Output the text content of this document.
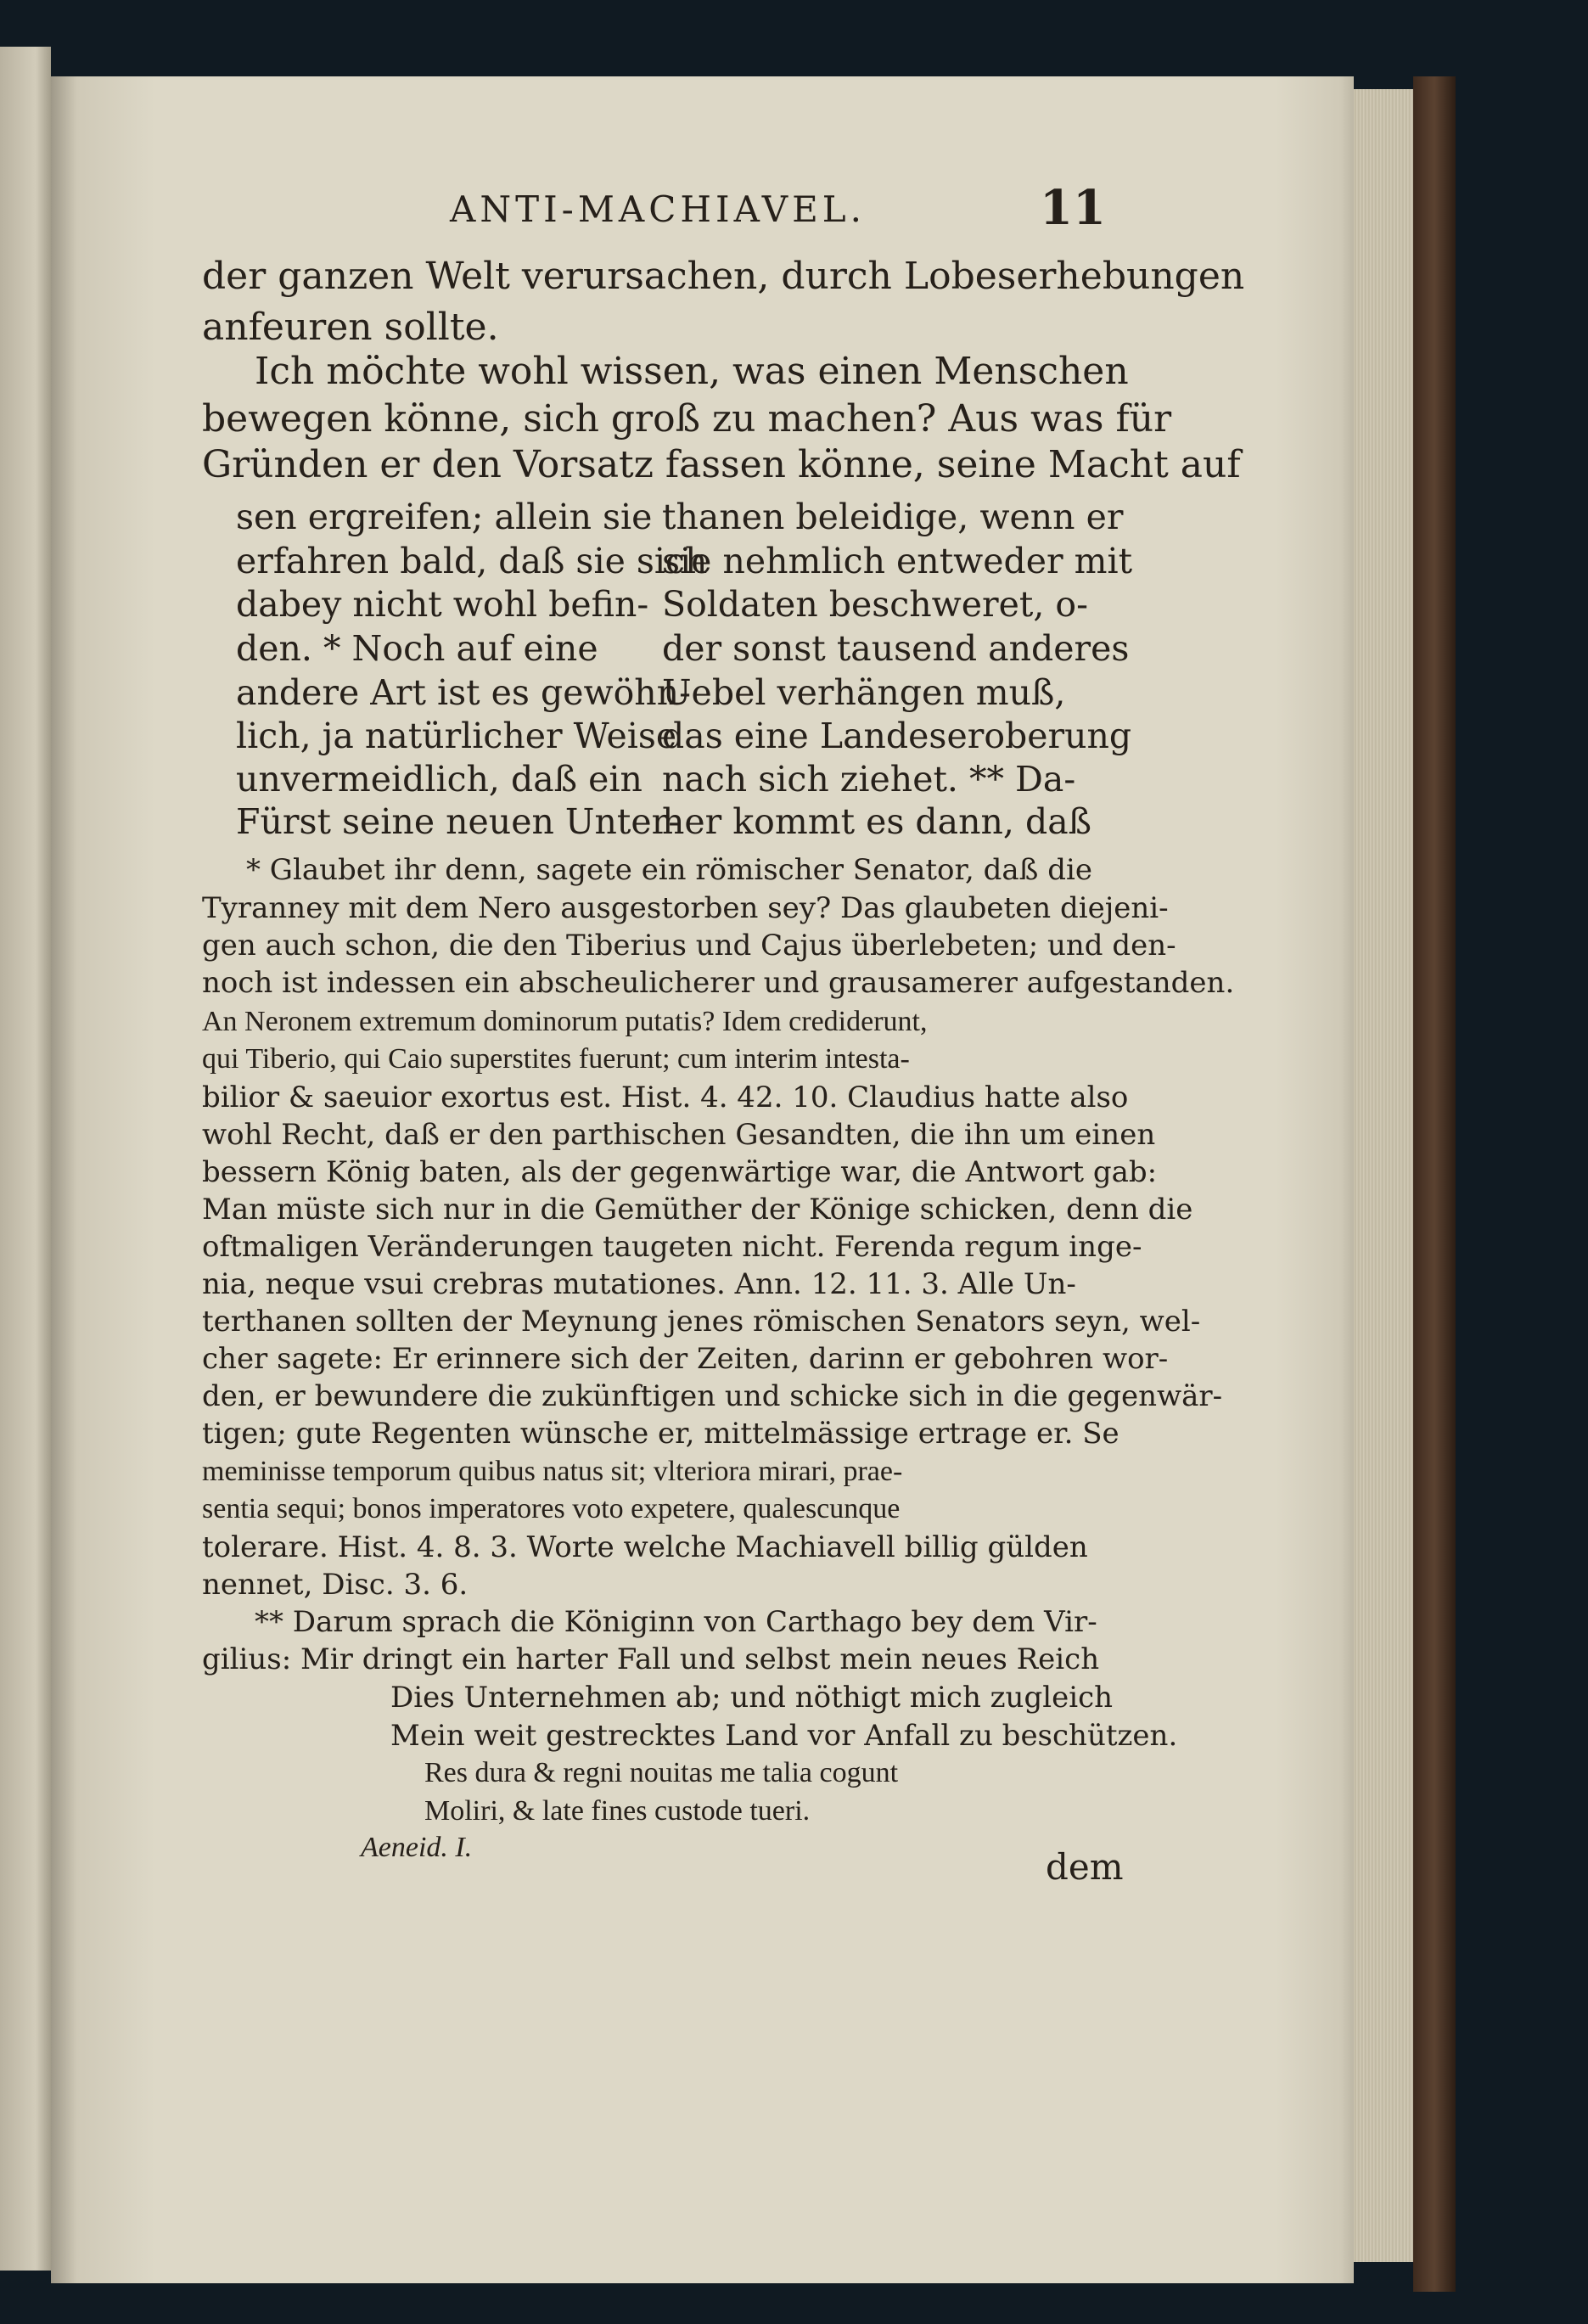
ANTI-MACHIAVEL.	11
der ganzen Welt verursachen, durch Lobeserhebungen
anfeuren sollte.
Ich möchte wohl wissen, was einen Menschen
bewegen könne, sich groß zu machen? Aus was für
Gründen er den Vorsatz fassen könne, seine Macht auf
sen ergreifen; allein sie
erfahren bald, daß sie sich
dabey nicht wohl befin-
den. * Noch auf eine
andere Art ist es gewöhn-
lich, ja natürlicher Weise
unvermeidlich, daß ein
Fürst seine neuen Unter-
thanen beleidige, wenn er
sie nehmlich entweder mit
Soldaten beschweret, o-
der sonst tausend anderes
Uebel verhängen muß,
das eine Landeseroberung
nach sich ziehet. ** Da-
her kommt es dann, daß
* Glaubet ihr denn, sagete ein römischer Senator, daß die
Tyranney mit dem Nero ausgestorben sey? Das glaubeten diejeni-
gen auch schon, die den Tiberius und Cajus überlebeten; und den-
noch ist indessen ein abscheulicherer und grausamerer aufgestanden.
An Neronem extremum dominorum putatis? Idem crediderunt,
qui Tiberio, qui Caio superstites fuerunt; cum interim intesta-
bilior & saeuior exortus est. Hist. 4. 42. 10. Claudius hatte also
wohl Recht, daß er den parthischen Gesandten, die ihn um einen
bessern König baten, als der gegenwärtige war, die Antwort gab:
Man müste sich nur in die Gemüther der Könige schicken, denn die
oftmaligen Veränderungen taugeten nicht. Ferenda regum inge-
nia, neque vsui crebras mutationes. Ann. 12. 11. 3. Alle Un-
terthanen sollten der Meynung jenes römischen Senators seyn, wel-
cher sagete: Er erinnere sich der Zeiten, darinn er gebohren wor-
den, er bewundere die zukünftigen und schicke sich in die gegenwär-
tigen; gute Regenten wünsche er, mittelmässige ertrage er. Se
meminisse temporum quibus natus sit; vlteriora mirari, prae-
sentia sequi; bonos imperatores voto expetere, qualescunque
tolerare. Hist. 4. 8. 3. Worte welche Machiavell billig gülden
nennet, Disc. 3. 6.
** Darum sprach die Königinn von Carthago bey dem Vir-
gilius: Mir dringt ein harter Fall und selbst mein neues Reich
Dies Unternehmen ab; und nöthigt mich zugleich
Mein weit gestrecktes Land vor Anfall zu beschützen.
Res dura & regni nouitas me talia cogunt
Moliri, & late fines custode tueri.
Aeneid. I.	dem
